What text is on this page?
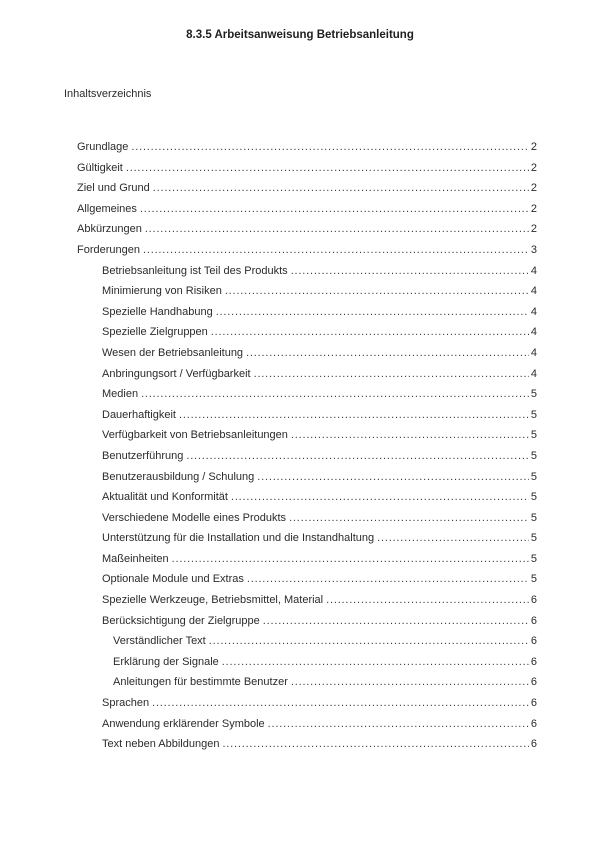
8.3.5 Arbeitsanweisung Betriebsanleitung
Inhaltsverzeichnis
Grundlage .....	2
Gültigkeit .....	2
Ziel und Grund .....	2
Allgemeines .....	2
Abkürzungen .....	2
Forderungen .....	3
Betriebsanleitung ist Teil des Produkts .....	4
Minimierung von Risiken .....	4
Spezielle Handhabung .....	4
Spezielle Zielgruppen .....	4
Wesen der Betriebsanleitung .....	4
Anbringungsort / Verfügbarkeit .....	4
Medien .....	5
Dauerhaftigkeit .....	5
Verfügbarkeit von Betriebsanleitungen .....	5
Benutzerführung .....	5
Benutzerausbildung / Schulung .....	5
Aktualität und Konformität .....	5
Verschiedene Modelle eines Produkts .....	5
Unterstützung für die Installation und die Instandhaltung .....	5
Maßeinheiten .....	5
Optionale Module und Extras .....	5
Spezielle Werkzeuge, Betriebsmittel, Material .....	6
Berücksichtigung der Zielgruppe .....	6
Verständlicher Text .....	6
Erklärung der Signale .....	6
Anleitungen für bestimmte Benutzer .....	6
Sprachen .....	6
Anwendung erklärender Symbole .....	6
Text neben Abbildungen .....	6
